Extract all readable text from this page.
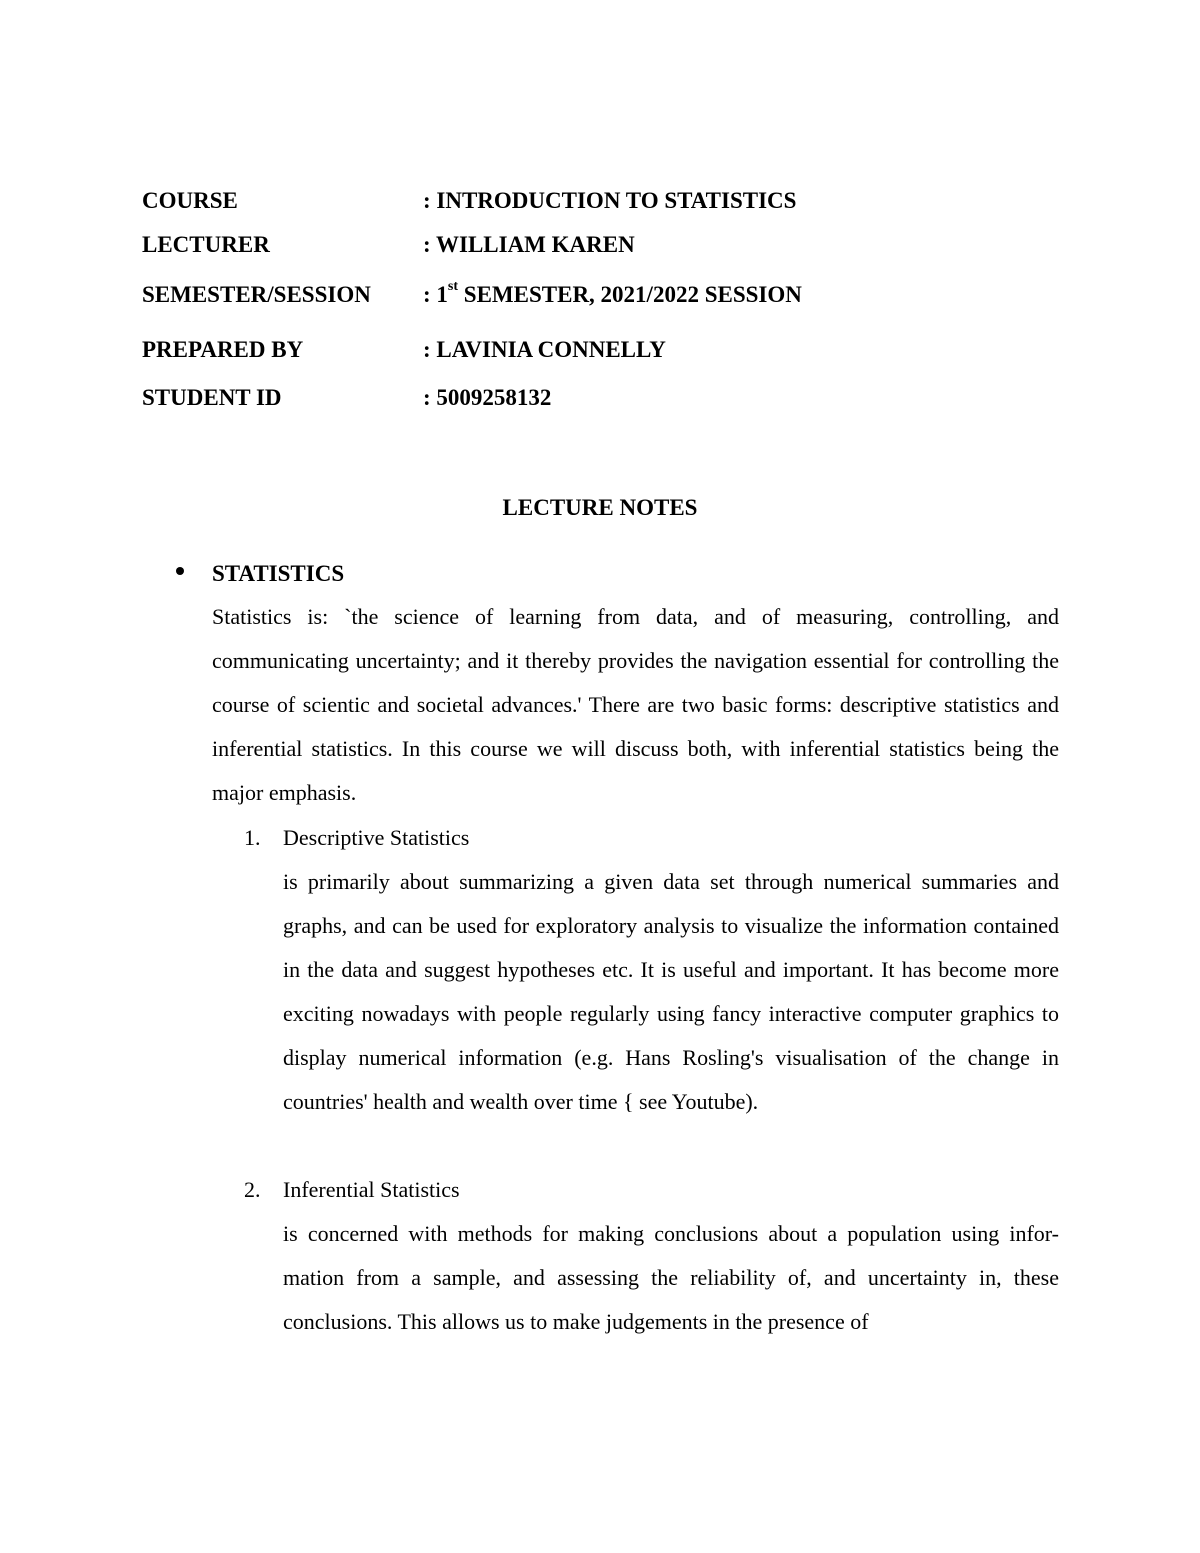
COURSE	: INTRODUCTION TO STATISTICS
LECTURER	: WILLIAM KAREN
SEMESTER/SESSION : 1st SEMESTER, 2021/2022 SESSION
PREPARED BY	: LAVINIA CONNELLY
STUDENT ID	: 5009258132
LECTURE NOTES
STATISTICS

Statistics is: `the science of learning from data, and of measuring, controlling, and communicating uncertainty; and it thereby provides the navigation essential for controlling the course of scientic and societal advances.' There are two basic forms: descriptive statistics and inferential statistics. In this course we will discuss both, with inferential statistics being the major emphasis.

1. Descriptive Statistics

is primarily about summarizing a given data set through numerical summaries and graphs, and can be used for exploratory analysis to visualize the information contained in the data and suggest hypotheses etc. It is useful and important. It has become more exciting nowadays with people regularly using fancy interactive computer graphics to display numerical information (e.g. Hans Rosling's visualisation of the change in countries' health and wealth over time { see Youtube).

2. Inferential Statistics

is concerned with methods for making conclusions about a population using infor- mation from a sample, and assessing the reliability of, and uncertainty in, these conclusions. This allows us to make judgements in the presence of
